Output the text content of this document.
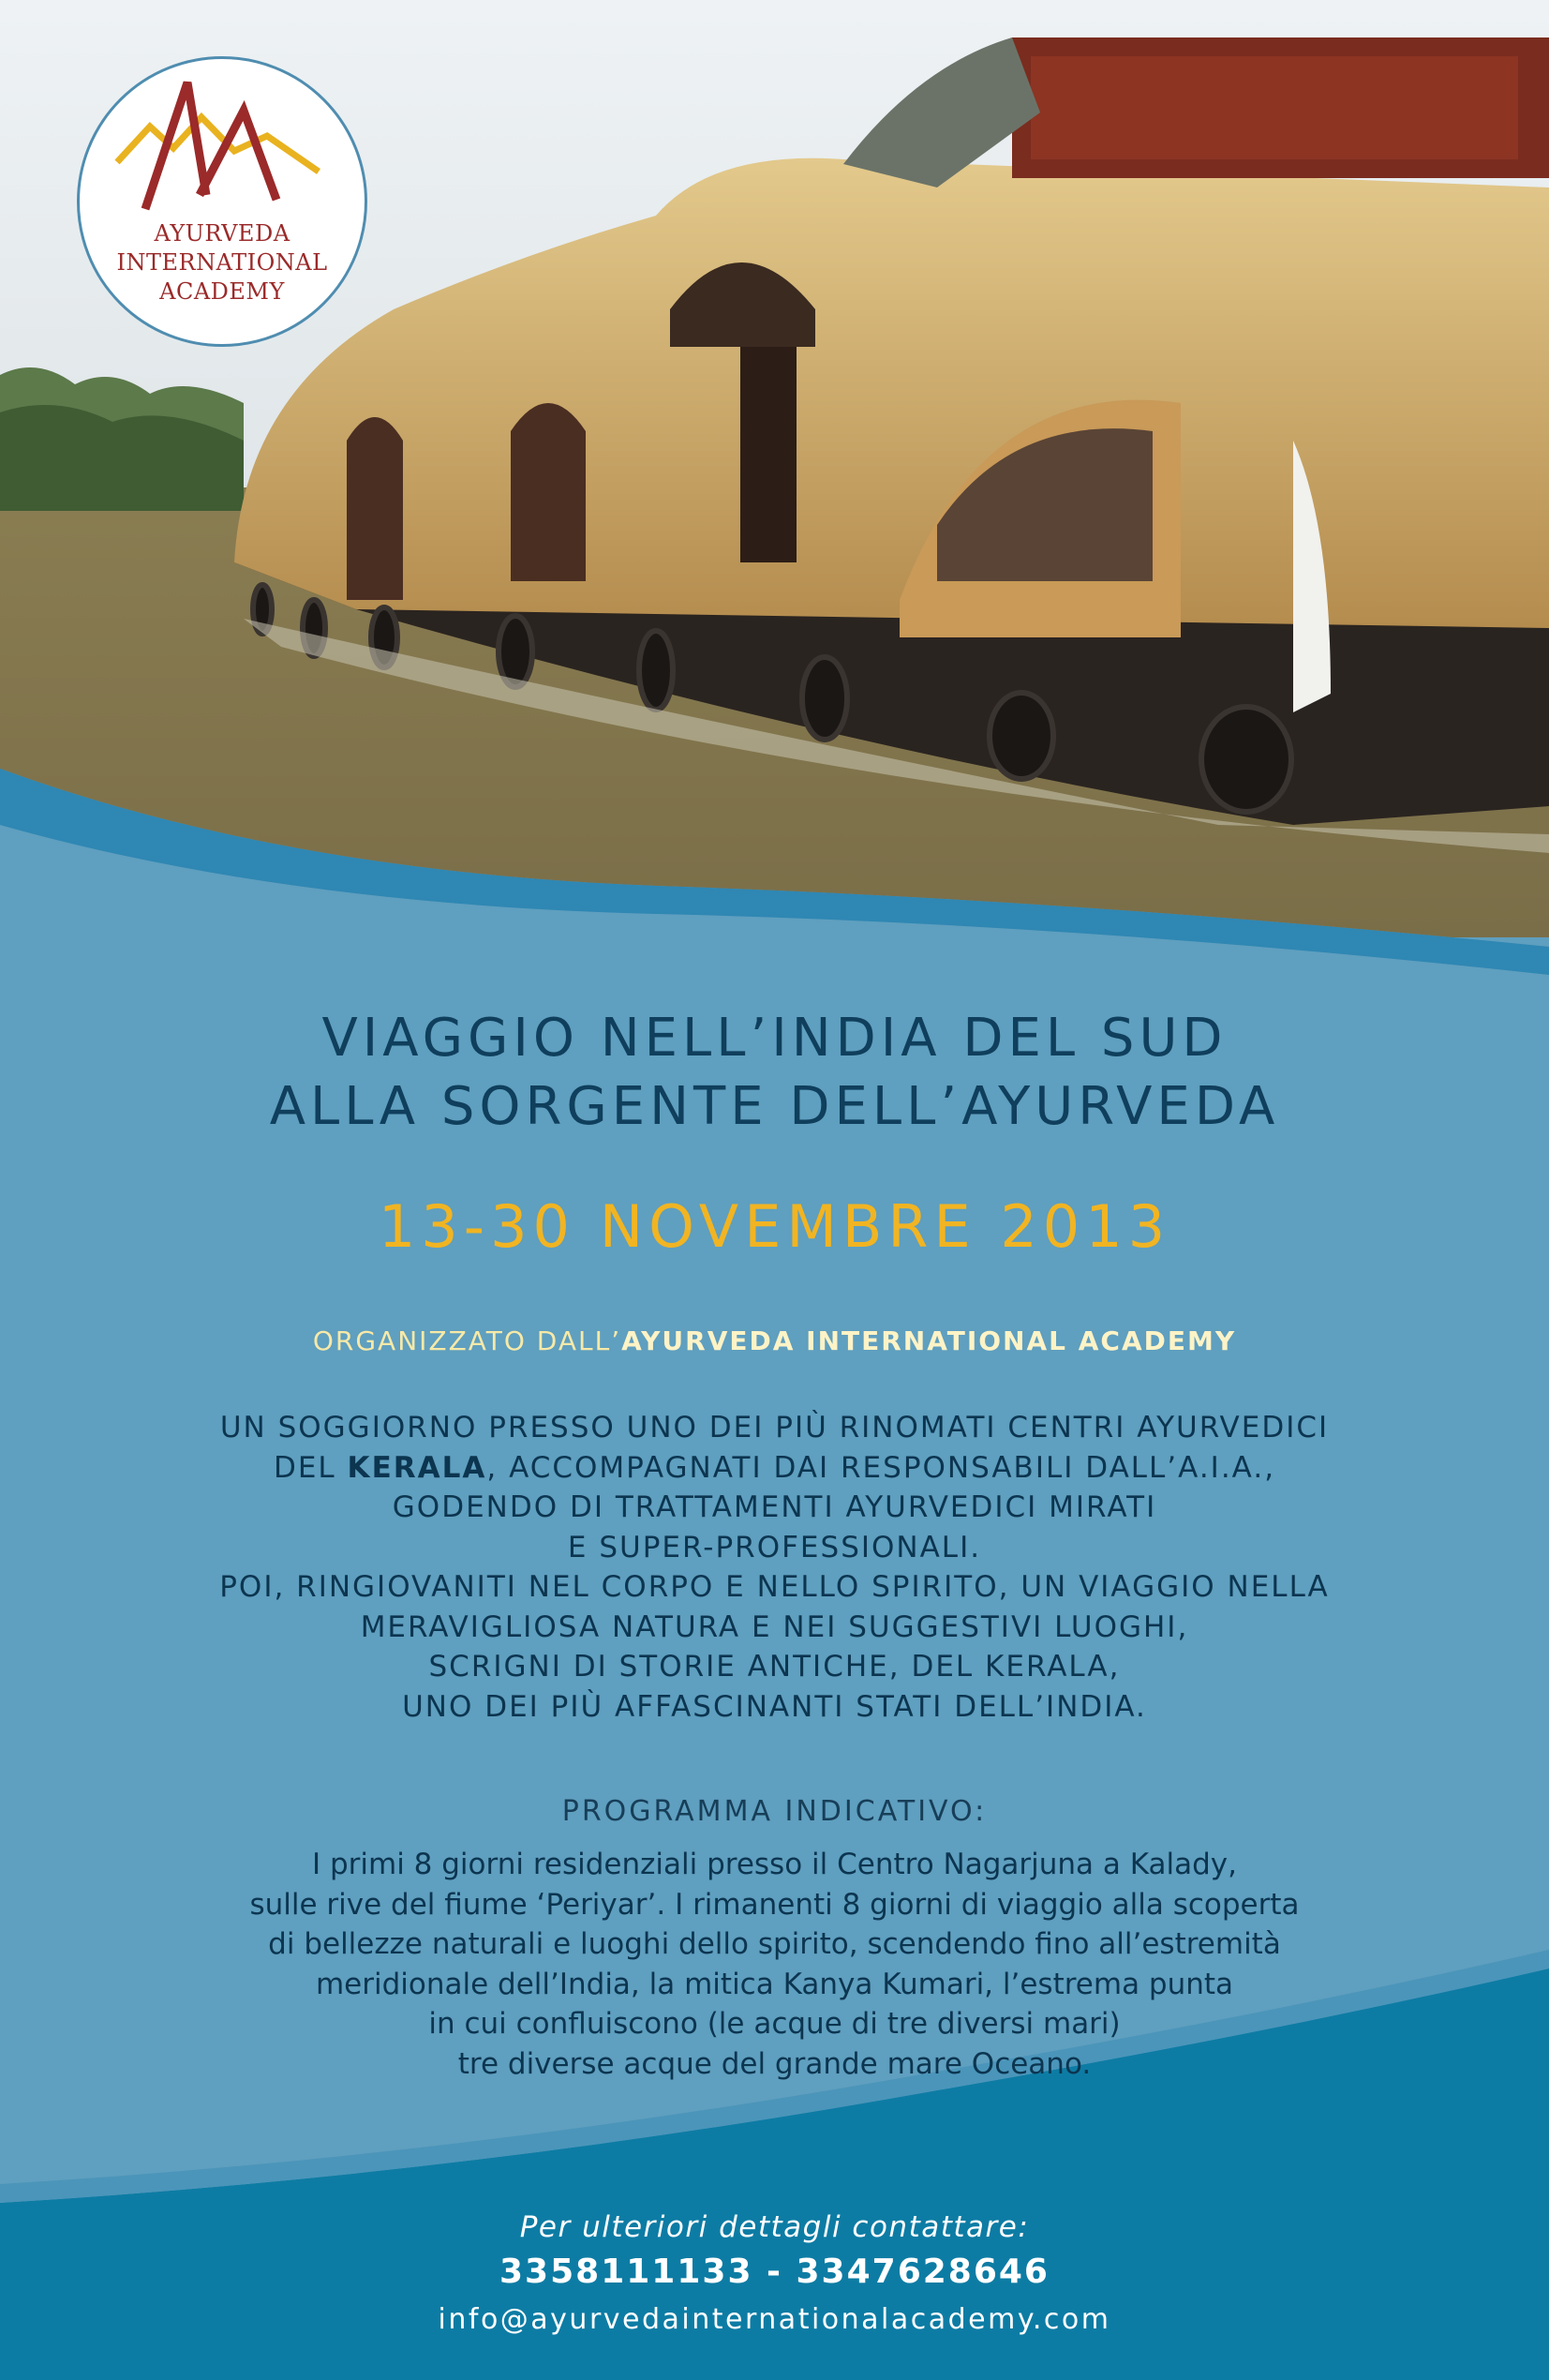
AYURVEDA
INTERNATIONAL
ACADEMY
VIAGGIO NELL’INDIA DEL SUD
ALLA SORGENTE DELL’AYURVEDA
13-30 NOVEMBRE 2013
ORGANIZZATO DALL’AYURVEDA INTERNATIONAL ACADEMY
UN SOGGIORNO PRESSO UNO DEI PIÙ RINOMATI CENTRI AYURVEDICI
DEL KERALA, ACCOMPAGNATI DAI RESPONSABILI DALL’A.I.A.,
GODENDO DI TRATTAMENTI AYURVEDICI MIRATI
E SUPER-PROFESSIONALI.
POI, RINGIOVANITI NEL CORPO E NELLO SPIRITO, UN VIAGGIO NELLA
MERAVIGLIOSA NATURA E NEI SUGGESTIVI LUOGHI,
SCRIGNI DI STORIE ANTICHE, DEL KERALA,
UNO DEI PIÙ AFFASCINANTI STATI DELL’INDIA.
PROGRAMMA INDICATIVO:
I primi 8 giorni residenziali presso il Centro Nagarjuna a Kalady,
sulle rive del fiume ‘Periyar’. I rimanenti 8 giorni di viaggio alla scoperta
di bellezze naturali e luoghi dello spirito, scendendo fino all’estremità
meridionale dell’India, la mitica Kanya Kumari, l’estrema punta
in cui confluiscono (le acque di tre diversi mari)
tre diverse acque del grande mare Oceano.
Per ulteriori dettagli contattare:
3358111133 - 3347628646
info@ayurvedainternationalacademy.com
